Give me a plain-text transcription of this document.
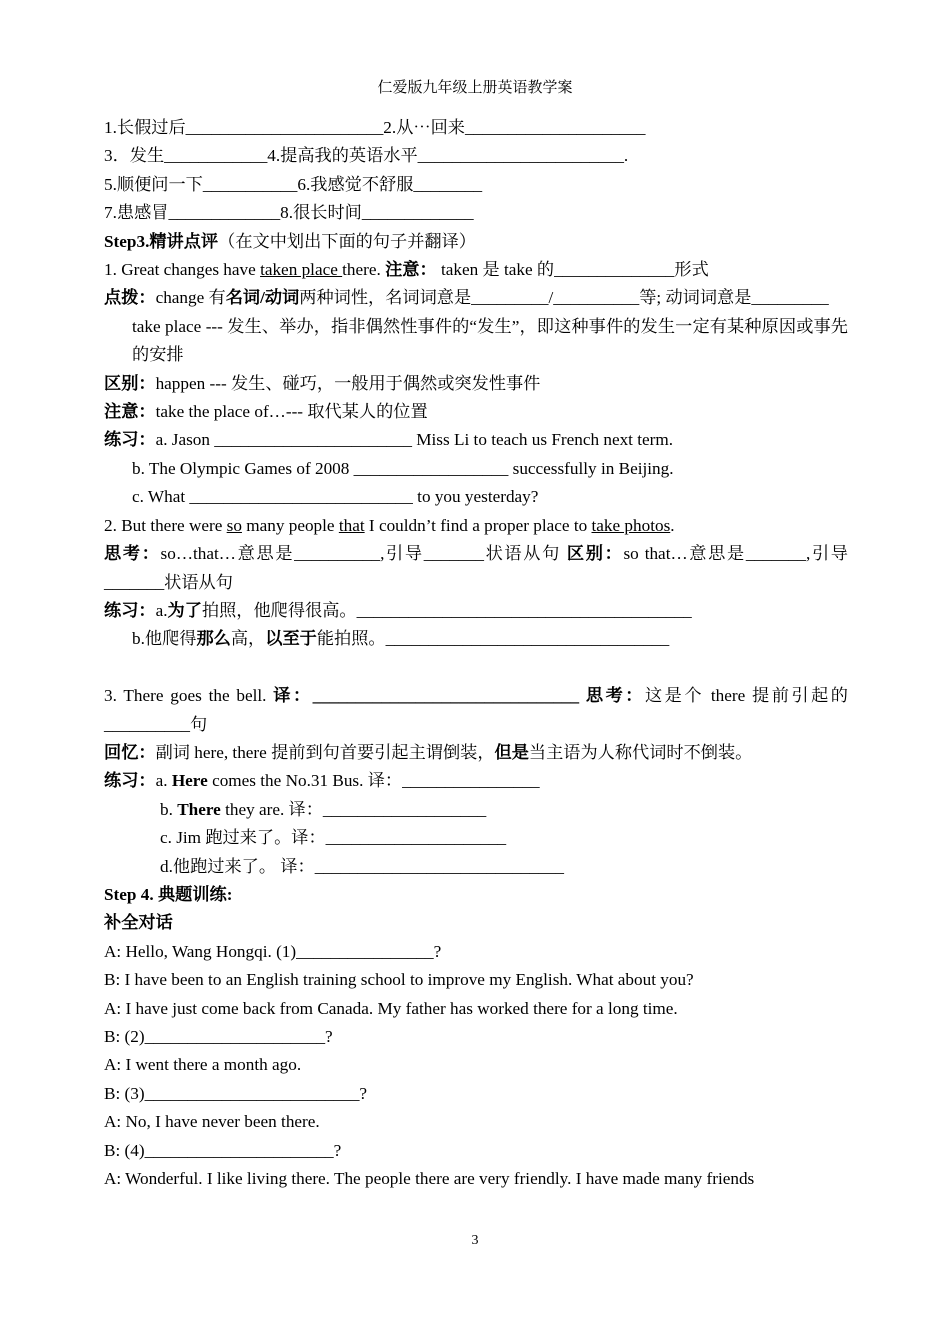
仁爱版九年级上册英语教学案
1.长假过后_______________________2.从⋯回来_____________________
3．发生____________4.提高我的英语水平________________________.
5.顺便问一下___________6.我感觉不舒服________
7.患感冒_____________8.很长时间_____________
Step3.精讲点评（在文中划出下面的句子并翻译）
1. Great changes have taken place there. 注意： taken 是 take 的______________形式
点拨：change 有名词/动词两种词性，名词词意是_________/__________等; 动词词意是_________
take place --- 发生、举办，指非偶然性事件的“发生”，即这种事件的发生一定有某种原因或事先的安排
区别：happen --- 发生、碰巧，一般用于偶然或突发性事件
注意：take the place of…--- 取代某人的位置
练习：a. Jason _______________________ Miss Li to teach us French next term.
b. The Olympic Games of 2008 __________________ successfully in Beijing.
c. What __________________________ to you yesterday?
2. But there were so many people that I couldn’t find a proper place to take photos.
思考：so…that…意思是__________,引导_______状语从句 区别：so that…意思是_______,引导_______状语从句
练习：a.为了拍照，他爬得很高。_______________________________________
b.他爬得那么高，以至于能拍照。_________________________________
3. There goes the bell. 译：_______________________________ 思考：这是个 there 提前引起的__________句
回忆：副词 here, there 提前到句首要引起主谓倒装，但是当主语为人称代词时不倒装。
练习：a. Here comes the No.31 Bus. 译：________________
b. There they are. 译：___________________
c. Jim 跑过来了。译：_____________________
d.他跑过来了。 译：_____________________________
Step 4. 典题训练:
补全对话
A: Hello, Wang Hongqi. (1)________________?
B: I have been to an English training school to improve my English. What about you?
A: I have just come back from Canada. My father has worked there for a long time.
B: (2)_____________________?
A: I went there a month ago.
B: (3)_________________________?
A: No, I have never been there.
B: (4)______________________?
A: Wonderful. I like living there. The people there are very friendly. I have made many friends
3
